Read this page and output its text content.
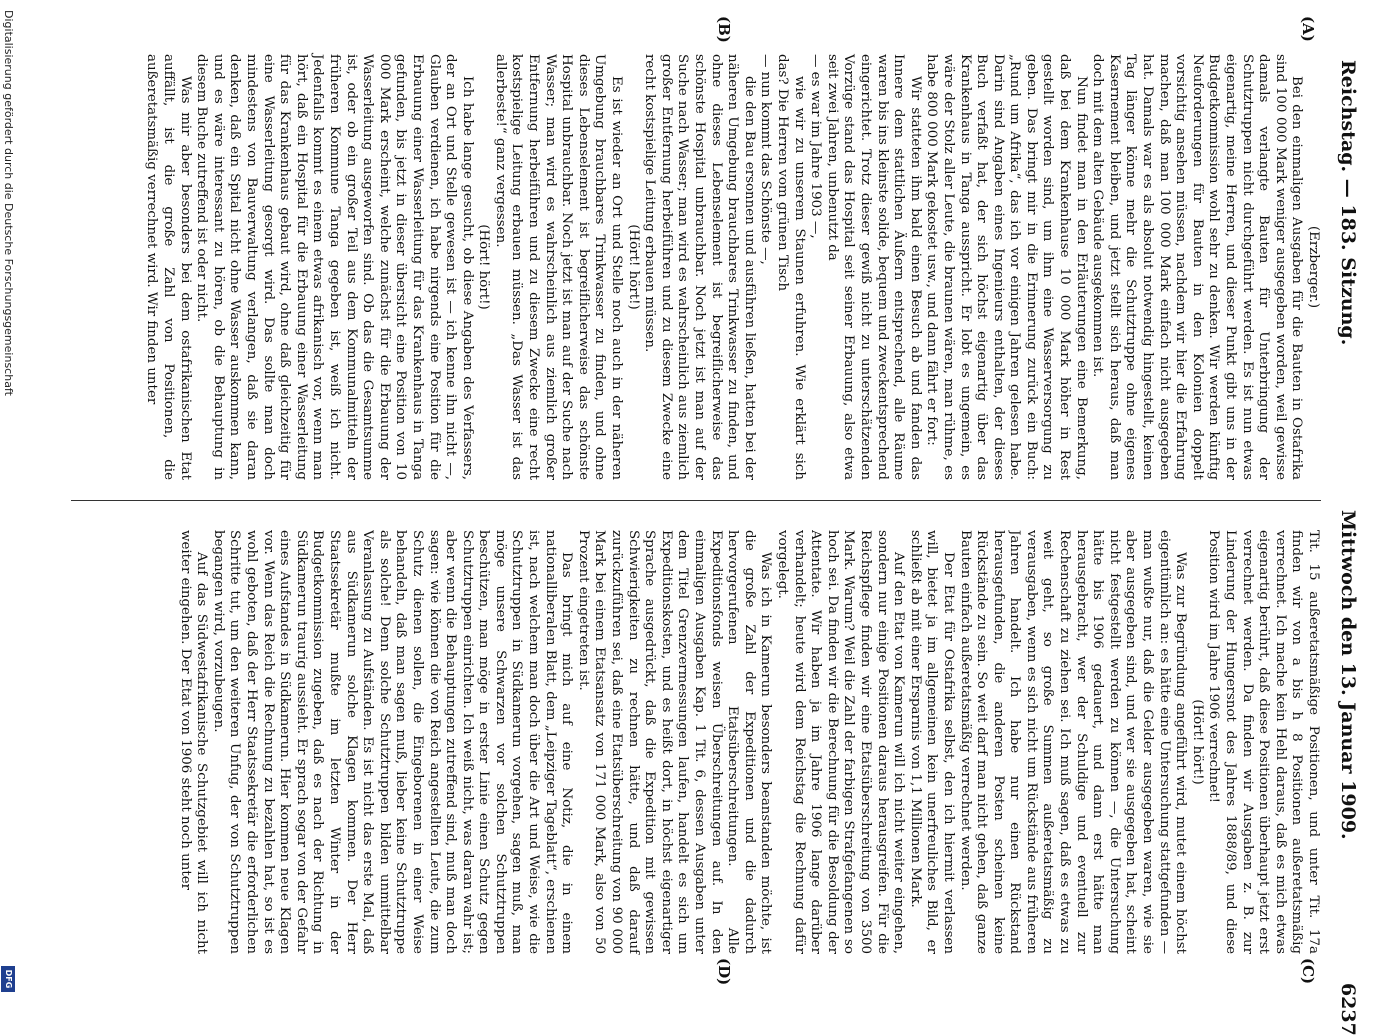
Reichstag. — 183. Sitzung.
Mittwoch den 13. Januar 1909.  6237
(A)
(B)
(C)
(D)

(Erzberger.)

Bei den einmaligen Ausgaben für die Bauten in Ostafrika sind 100 000 Mark weniger ausgegeben worden, weil gewisse damals verlangte Bauten für Unterbringung der Schutztruppen nicht durchgeführt werden. Es ist nun etwas eigenartig, meine Herren, und dieser Punkt gibt uns in der Budgetkommission wohl sehr zu denken. Wir werden künftig Neuforderungen für Bauten in den Kolonien doppelt vorsichtig ansehen müssen, nachdem wir hier die Erfahrung machen, daß man 100 000 Mark einfach nicht ausgegeben hat. Damals war es als absolut notwendig hingestellt, keinen Tag länger könne mehr die Schutztruppe ohne eigenes Kasernement bleiben, und jetzt stellt sich heraus, daß man doch mit dem alten Gebäude ausgekommen ist.

Nun findet man in den Erläuterungen eine Bemerkung, daß bei dem Krankenhause 10 000 Mark höher in Rest gestellt worden sind, um ihm eine Wasserversorgung zu geben. Das bringt mir in die Erinnerung zurück ein Buch: „Rund um Afrika“, das ich vor einigen Jahren gelesen habe. Darin sind Angaben eines Ingenieurs enthalten, der dieses Buch verfaßt hat, der sich höchst eigenartig über das Krankenhaus in Tanga ausspricht. Er lobt es ungemein, es wäre der Stolz aller Leute, die braunen wären, man rühme, es habe 800 000 Mark gekostet usw., und dann fährt er fort:

Wir statteten ihm bald einen Besuch ab und fanden das Innere dem stattlichen Äußern entsprechend, alle Räume waren bis ins kleinste solide, bequem und zweckentsprechend eingerichtet. Trotz dieser gewiß nicht zu unterschätzenden Vorzüge stand das Hospital seit seiner Erbauung, also etwa seit zwei Jahren, unbenutzt da

— es war im Jahre 1903 —,

wie wir zu unserem Staunen erfuhren. Wie erklärt sich das? Die Herren vom grünen Tisch

— nun kommt das Schönste —,

die den Bau ersonnen und ausführen ließen, hatten bei der näheren Umgebung brauchbares Trinkwasser zu finden, und ohne dieses Lebenselement ist begreiflicherweise das schönste Hospital unbrauchbar. Noch jetzt ist man auf der Suche nach Wasser; man wird es wahrscheinlich aus ziemlich großer Entfernung herbeiführen und zu diesem Zwecke eine recht kostspielige Leitung erbauen müssen.

(Hört! hört!)

Es ist wieder an Ort und Stelle noch auch in der näheren Umgebung brauchbares Trinkwasser zu finden, und ohne dieses Lebenselement ist begreiflicherweise das schönste Hospital unbrauchbar. Noch jetzt ist man auf der Suche nach Wasser; man wird es wahrscheinlich aus ziemlich großer Entfernung herbeiführen und zu diesem Zwecke eine recht kostspielige Leitung erbauen müssen. „Das Wasser ist das allerbeste!“ ganz vergessen.

(Hört! hört!)

Ich habe lange gesucht, ob diese Angaben des Verfassers, der an Ort und Stelle gewesen ist — ich kenne ihn nicht —, Glauben verdienen, ich habe nirgends eine Position für die Erbauung einer Wasserleitung für das Krankenhaus in Tanga gefunden, bis jetzt in dieser übersicht eine Position von 10 000 Mark erscheint, welche zunächst für die Erbauung der Wasserleitung ausgeworfen sind. Ob das die Gesamtsumme ist, oder ob ein großer Teil aus dem Kommunalmitteln der früheren Kommune Tanga gegeben ist, weiß ich nicht. Jedenfalls kommt es einem etwas afrikanisch vor, wenn man hört, daß ein Hospital für die Erbauung einer Wasserleitung für das Krankenhaus gebaut wird, ohne daß gleichzeitig für eine Wasserleitung gesorgt wird. Das sollte man doch mindestens von Bauverwaltung verlangen, daß sie daran denken, daß ein Spital nicht ohne Wasser auskommen kann, und es wäre interessant zu hören, ob die Behauptung in diesem Buche zutreffend ist oder nicht.

Was mir aber besonders bei dem ostafrikanischen Etat auffällt, ist die große Zahl von Positionen, die außeretatsmäßig verrechnet wird. Wir finden unter

Tit. 15 außeretatsmäßige Positionen, und unter Tit. 17a finden wir von a bis h 8 Positionen außeretatsmäßig verrechnet. Ich mache kein Hehl daraus, daß es mich etwas eigenartig berührt, daß diese Positionen überhaupt jetzt erst verrechnet werden. Da finden wir Ausgaben z. B. zur Linderung der Hungersnot des Jahres 1888/89, und diese Position wird im Jahre 1906 verrechnet!

(Hört! hört!)

Was zur Begründung angeführt wird, mutet einem höchst eigentümlich an: es hätte eine Untersuchung stattgefunden — man wußte nur, daß die Gelder ausgegeben waren, wie sie aber ausgegeben sind, und wer sie ausgegeben hat, scheint nicht festgestellt werden zu können —, die Untersuchung hätte bis 1906 gedauert, und dann erst hätte man herausgebracht, wer der Schuldige und eventuell zur Rechenschaft zu ziehen sei. Ich muß sagen, daß es etwas zu weit geht, so große Summen außeretatsmäßig zu verausgaben, wenn es sich nicht um Rückstände aus früheren Jahren handelt. Ich habe nur einen Rückstand herausgefunden, die anderen Posten scheinen keine Rückstände zu sein. So weit darf man nicht gehen, daß ganze Bauten einfach außeretatsmäßig verrechnet werden.

Der Etat für Ostafrika selbst, den ich hiermit verlassen will, bietet ja im allgemeinen kein unerfreuliches Bild, er schließt ab mit einer Ersparnis von 1,1 Millionen Mark.

Auf den Etat von Kamerun will ich nicht weiter eingehen, sondern nur einige Positionen daraus herausgreifen. Für die Reichspflege finden wir eine Etatsüberschreitung von 3500 Mark. Warum? Weil die Zahl der farbigen Strafgefangenen so hoch sei. Da finden wir die Berechnung für die Besoldung der Attentate. Wir haben ja im Jahre 1906 lange darüber verhandelt; heute wird dem Reichstag die Rechnung dafür vorgelegt.

Was ich in Kamerun besonders beanstanden möchte, ist die große Zahl der Expeditionen und die dadurch hervorgerufenen Etatsüberschreitungen. Alle Expeditionsfonds weisen Überschreitungen auf. In den einmaligen Ausgaben Kap. 1 Tit. 6, dessen Ausgaben unter dem Titel Grenzvermessungen laufen, handelt es sich um Expeditionskosten, und es heißt dort, in höchst eigenartiger Sprache ausgedrückt, daß die Expedition mit gewissen Schwierigkeiten zu rechnen hätte, und daß darauf zurückzuführen sei, daß eine Etatsüberschreitung von 90 000 Mark bei einem Etatsansatz von 171 000 Mark, also von 50 Prozent eingetreten ist.

Das bringt mich auf eine Notiz, die in einem nationalliberalen Blatt, dem „Leipziger Tageblatt“, erschienen ist, nach welchem man doch über die Art und Weise, wie die Schutztruppen in Südkamerun vorgehen, sagen muß, man möge unsere Schwarzen vor solchen Schutztruppen beschützen, man möge in erster Linie einen Schutz gegen Schutztruppen einrichten. Ich weiß nicht, was daran wahr ist; aber wenn die Behauptungen zutreffend sind, muß man doch sagen: wie können die von Reich angestellten Leute, die zum Schutz dienen sollen, die Eingeborenen in einer Weise behandeln, daß man sagen muß, lieber keine Schutztruppe als solche! Denn solche Schutztruppen bilden unmittelbar Veranlassung zu Aufständen. Es ist nicht das erste Mal, daß aus Südkamerun solche Klagen kommen. Der Herr Staatssekretär mußte im letzten Winter in der Budgetkommission zugeben, daß es nach der Richtung in Südkamerun traurig aussieht. Er sprach sogar von der Gefahr eines Aufstandes in Südkamerun. Hier kommen neue Klagen vor. Wenn das Reich die Rechnung zu bezahlen hat, so ist es wohl geboten, daß der Herr Staatssekretär die erforderlichen Schritte tut, um den weiteren Unfug, der von Schutztruppen begangen wird, vorzubeugen.

Auf das Südwestafrikanische Schutzgebiet will ich nicht weiter eingehen. Der Etat von 1906 steht noch unter

Digitalisierung gefördert durch die Deutsche Forschungsgemeinschaft
DFG
